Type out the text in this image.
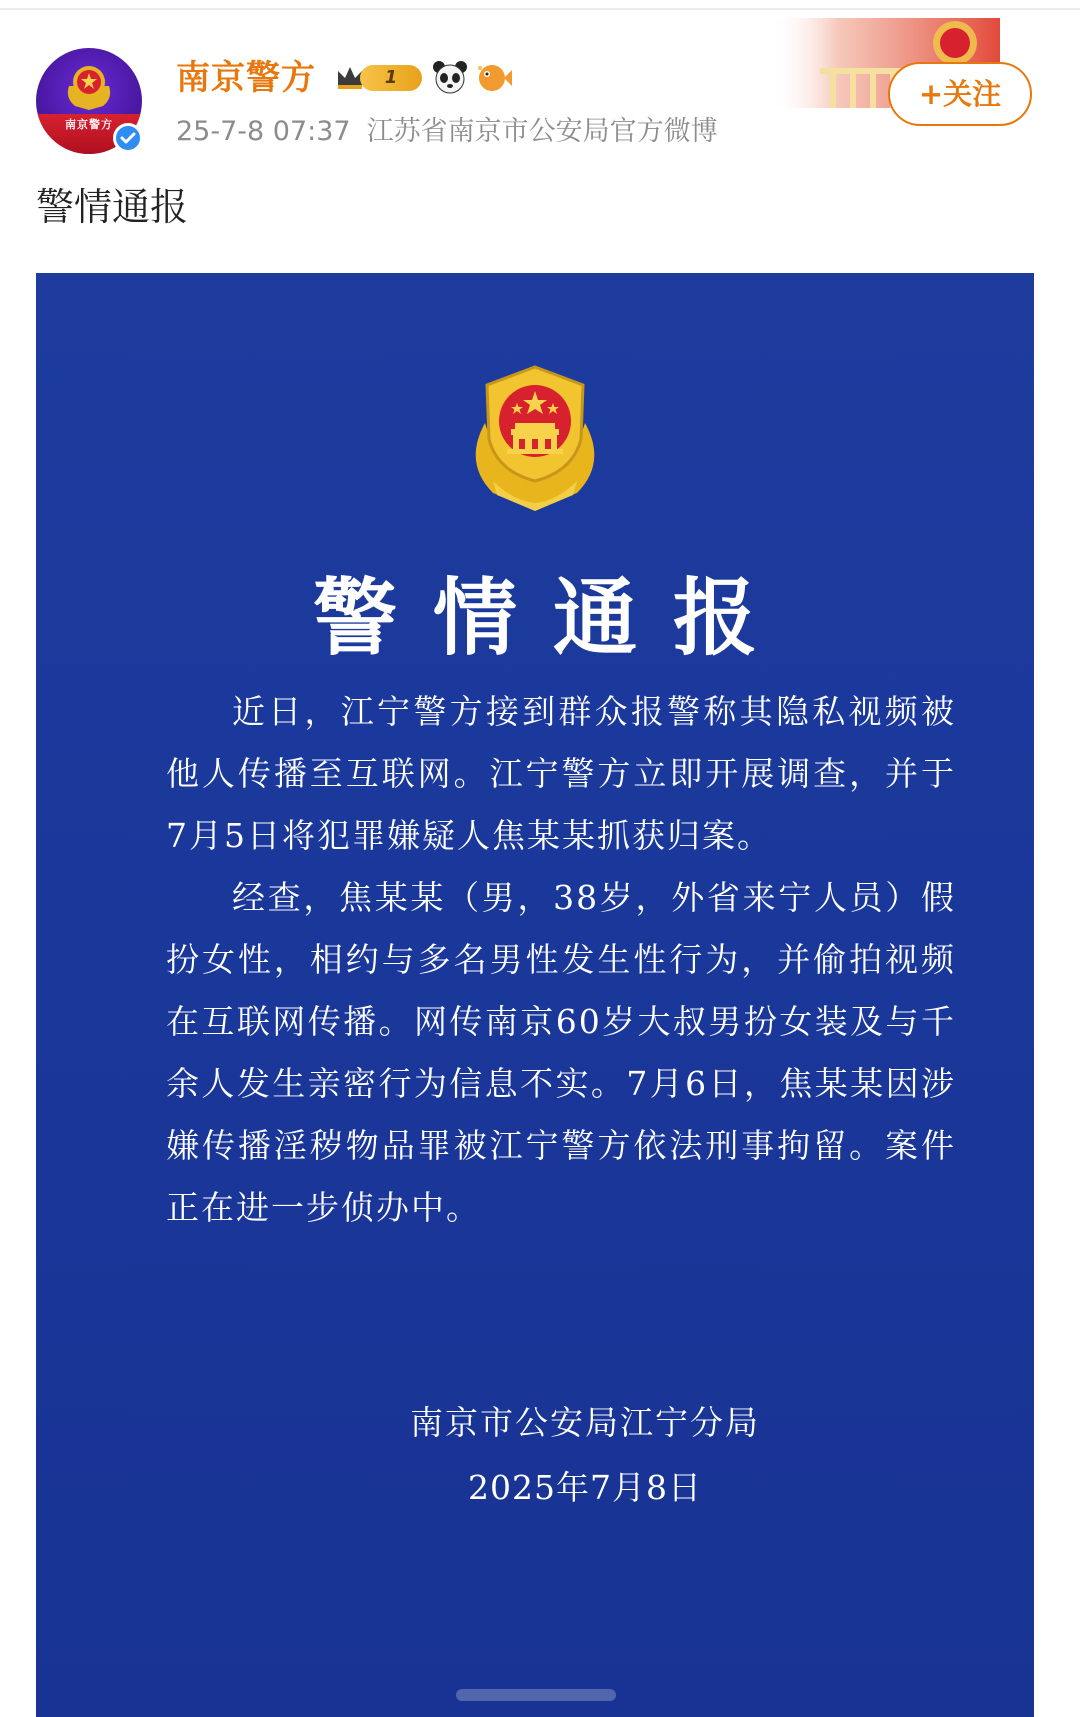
南京警方
南京警方	1
25-7-8 07:37 江苏省南京市公安局官方微博
+关注
警情通报
警情通报

近日，江宁警方接到群众报警称其隐私视频被他人传播至互联网。江宁警方立即开展调查，并于7月5日将犯罪嫌疑人焦某某抓获归案。

经查，焦某某（男，38岁，外省来宁人员）假扮女性，相约与多名男性发生性行为，并偷拍视频在互联网传播。网传南京60岁大叔男扮女装及与千余人发生亲密行为信息不实。7月6日，焦某某因涉嫌传播淫秽物品罪被江宁警方依法刑事拘留。案件正在进一步侦办中。

南京市公安局江宁分局
2025年7月8日
